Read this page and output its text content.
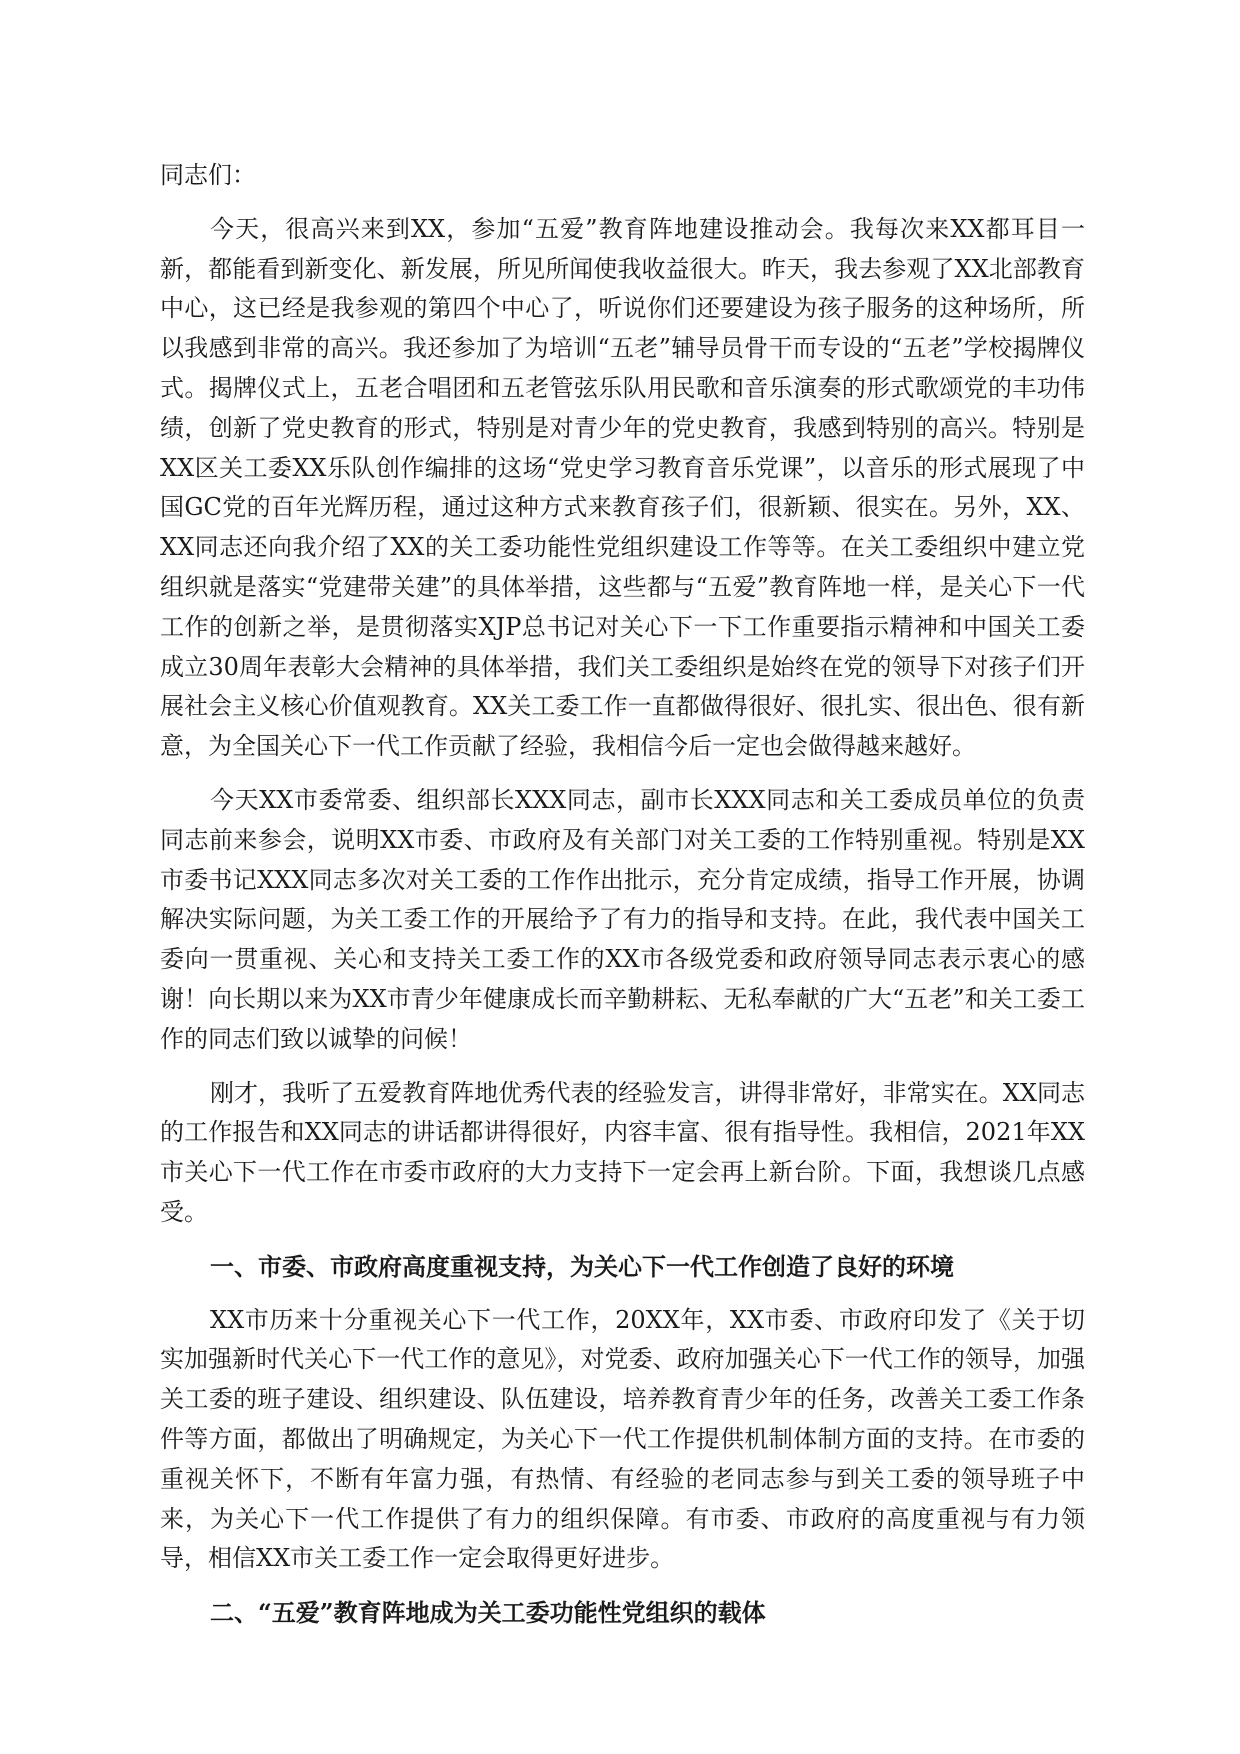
同志们：

今天，很高兴来到XX，参加“五爱”教育阵地建设推动会。我每次来XX都耳目一新，都能看到新变化、新发展，所见所闻使我收益很大。昨天，我去参观了XX北部教育中心，这已经是我参观的第四个中心了，听说你们还要建设为孩子服务的这种场所，所以我感到非常的高兴。我还参加了为培训“五老”辅导员骨干而专设的“五老”学校揭牌仪式。揭牌仪式上，五老合唱团和五老管弦乐队用民歌和音乐演奏的形式歌颂党的丰功伟绩，创新了党史教育的形式，特别是对青少年的党史教育，我感到特别的高兴。特别是XX区关工委XX乐队创作编排的这场“党史学习教育音乐党课”，以音乐的形式展现了中国GC党的百年光辉历程，通过这种方式来教育孩子们，很新颖、很实在。另外，XX、XX同志还向我介绍了XX的关工委功能性党组织建设工作等等。在关工委组织中建立党组织就是落实“党建带关建”的具体举措，这些都与“五爱”教育阵地一样，是关心下一代工作的创新之举，是贯彻落实XJP总书记对关心下一下工作重要指示精神和中国关工委成立30周年表彰大会精神的具体举措，我们关工委组织是始终在党的领导下对孩子们开展社会主义核心价值观教育。XX关工委工作一直都做得很好、很扎实、很出色、很有新意，为全国关心下一代工作贡献了经验，我相信今后一定也会做得越来越好。

今天XX市委常委、组织部长XXX同志，副市长XXX同志和关工委成员单位的负责同志前来参会，说明XX市委、市政府及有关部门对关工委的工作特别重视。特别是XX市委书记XXX同志多次对关工委的工作作出批示，充分肯定成绩，指导工作开展，协调解决实际问题，为关工委工作的开展给予了有力的指导和支持。在此，我代表中国关工委向一贯重视、关心和支持关工委工作的XX市各级党委和政府领导同志表示衷心的感谢！向长期以来为XX市青少年健康成长而辛勤耕耘、无私奉献的广大“五老”和关工委工作的同志们致以诚挚的问候！

刚才，我听了五爱教育阵地优秀代表的经验发言，讲得非常好，非常实在。XX同志的工作报告和XX同志的讲话都讲得很好，内容丰富、很有指导性。我相信，2021年XX市关心下一代工作在市委市政府的大力支持下一定会再上新台阶。下面，我想谈几点感受。

一、市委、市政府高度重视支持，为关心下一代工作创造了良好的环境

XX市历来十分重视关心下一代工作，20XX年，XX市委、市政府印发了《关于切实加强新时代关心下一代工作的意见》，对党委、政府加强关心下一代工作的领导，加强关工委的班子建设、组织建设、队伍建设，培养教育青少年的任务，改善关工委工作条件等方面，都做出了明确规定，为关心下一代工作提供机制体制方面的支持。在市委的重视关怀下，不断有年富力强，有热情、有经验的老同志参与到关工委的领导班子中来，为关心下一代工作提供了有力的组织保障。有市委、市政府的高度重视与有力领导，相信XX市关工委工作一定会取得更好进步。

二、“五爱”教育阵地成为关工委功能性党组织的载体
